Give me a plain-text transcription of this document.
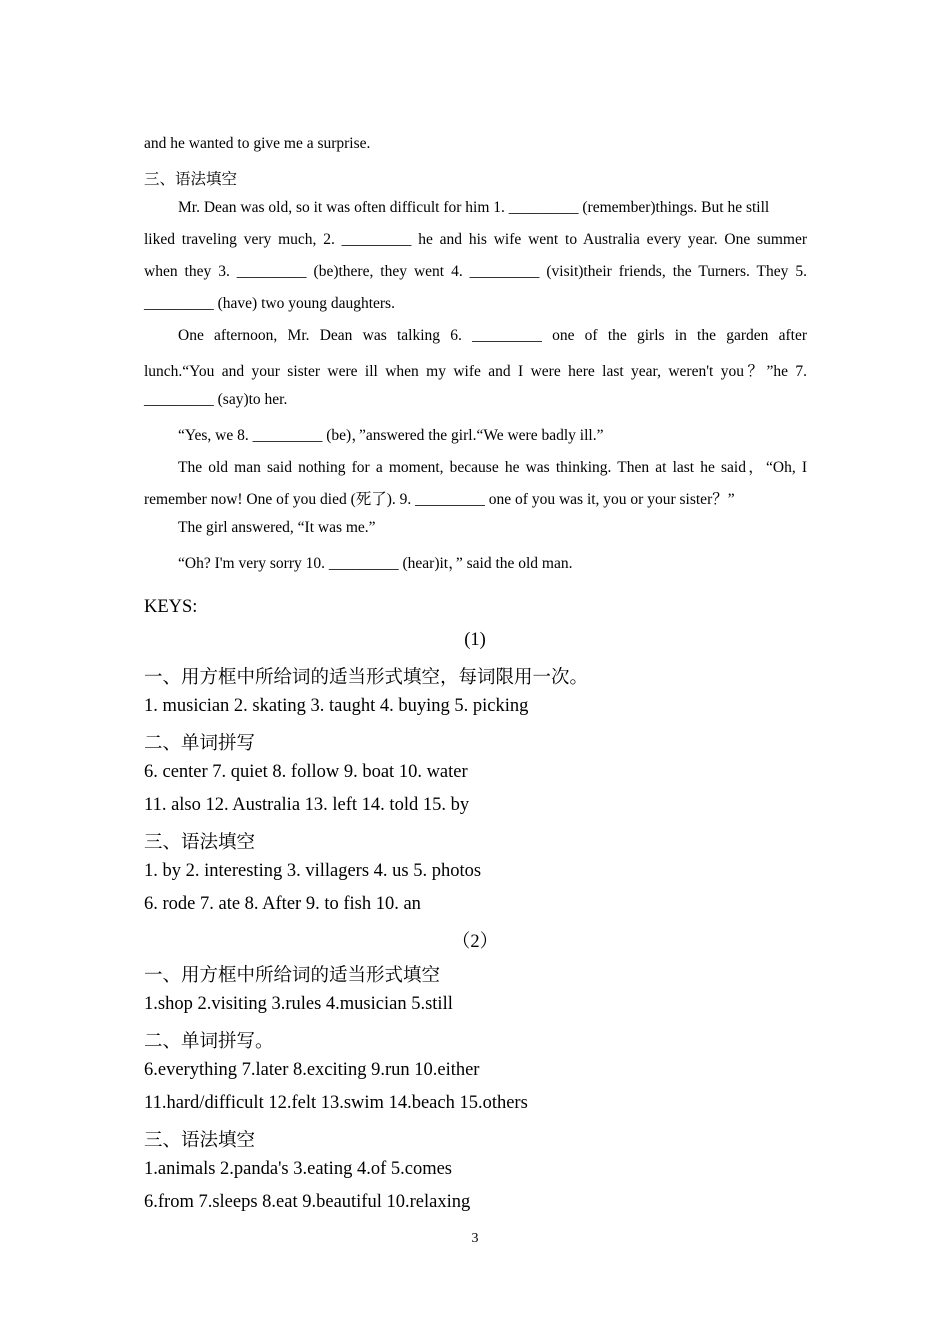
and he wanted to give me a surprise.
三、语法填空
Mr. Dean was old, so it was often difficult for him 1. _________ (remember)things. But he still
liked traveling very much, 2. _________ he and his wife went to Australia every year. One summer
when they 3. _________ (be)there, they went 4. _________ (visit)their friends, the Turners. They 5.
_________ (have) two young daughters.
One afternoon, Mr. Dean was talking 6. _________ one of the girls in the garden after
lunch.“You and your sister were ill when my wife and I were here last year, weren't you？”he 7.
_________ (say)to her.
“Yes, we 8. _________ (be)，”answered the girl.“We were badly ill.”
The old man said nothing for a moment, because he was thinking. Then at last he said，“Oh, I
remember now! One of you died (死了). 9. _________ one of you was it, you or your sister？”
The girl answered, “It was me.”
“Oh? I'm very sorry 10. _________ (hear)it，” said the old man.
KEYS:
(1)
一、用方框中所给词的适当形式填空，每词限用一次。
1. musician 2. skating 3. taught 4. buying 5. picking
二、单词拼写
6. center 7. quiet 8. follow 9. boat 10. water
11. also 12. Australia 13. left 14. told 15. by
三、语法填空
1. by 2. interesting 3. villagers 4. us 5. photos
6. rode 7. ate 8. After 9. to fish 10. an
（2）
一、用方框中所给词的适当形式填空
1.shop 2.visiting 3.rules 4.musician 5.still
二、单词拼写。
6.everything 7.later 8.exciting 9.run 10.either
11.hard/difficult 12.felt 13.swim 14.beach 15.others
三、语法填空
1.animals 2.panda's 3.eating 4.of 5.comes
6.from 7.sleeps 8.eat 9.beautiful 10.relaxing
3
